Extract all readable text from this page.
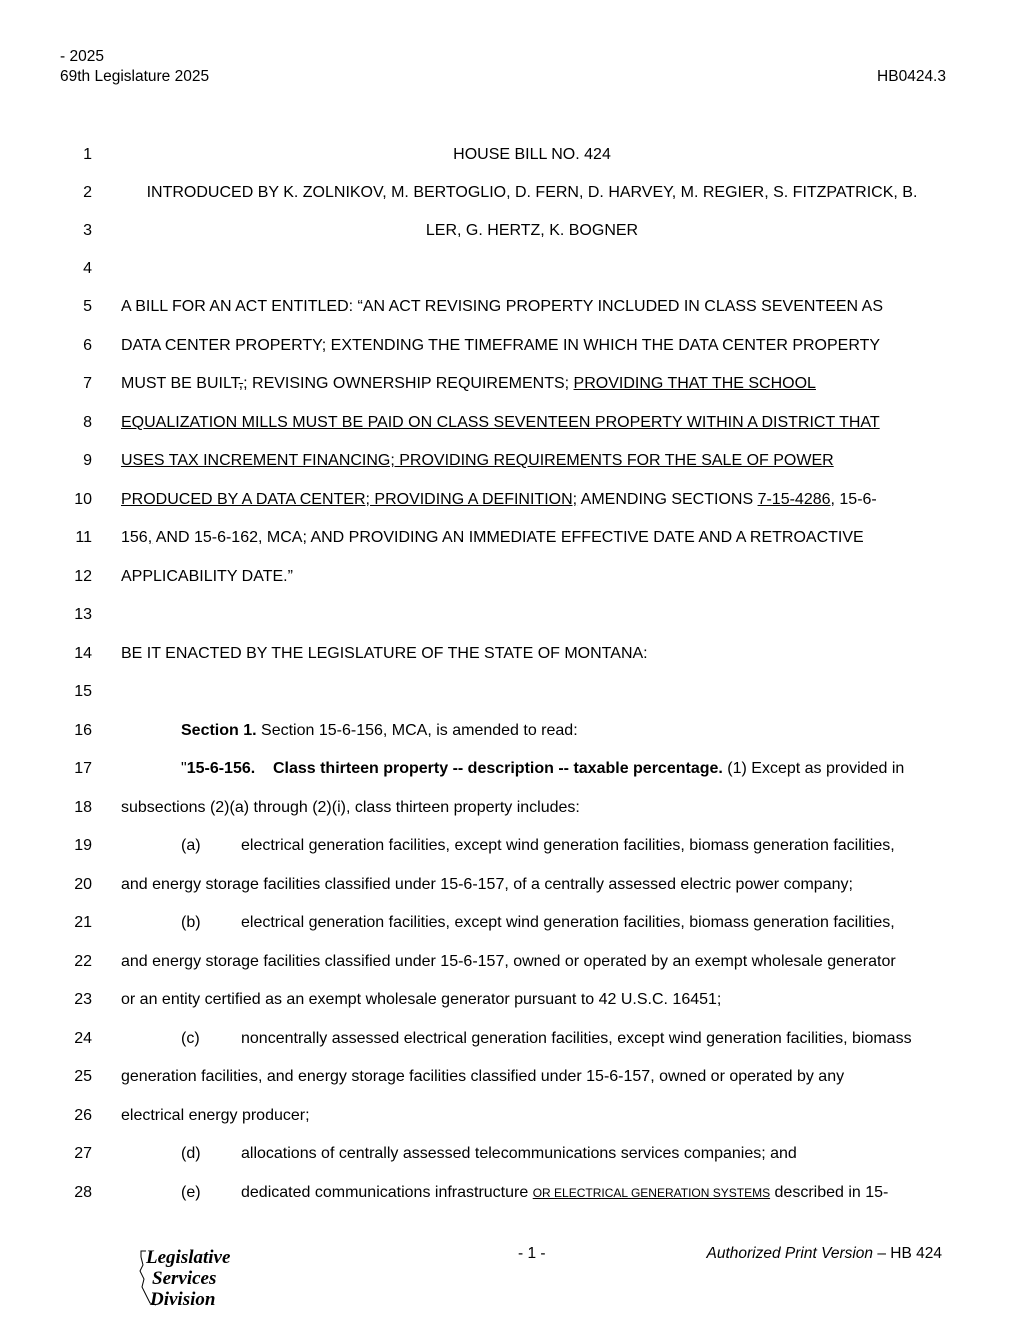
- 2025
69th Legislature 2025	HB0424.3
1	HOUSE BILL NO. 424
2	INTRODUCED BY K. ZOLNIKOV, M. BERTOGLIO, D. FERN, D. HARVEY, M. REGIER, S. FITZPATRICK, B.
3	LER, G. HERTZ, K. BOGNER
4
5 A BILL FOR AN ACT ENTITLED: “AN ACT REVISING PROPERTY INCLUDED IN CLASS SEVENTEEN AS
6 DATA CENTER PROPERTY; EXTENDING THE TIMEFRAME IN WHICH THE DATA CENTER PROPERTY
7 MUST BE BUILT,; REVISING OWNERSHIP REQUIREMENTS; PROVIDING THAT THE SCHOOL
8 EQUALIZATION MILLS MUST BE PAID ON CLASS SEVENTEEN PROPERTY WITHIN A DISTRICT THAT
9 USES TAX INCREMENT FINANCING; PROVIDING REQUIREMENTS FOR THE SALE OF POWER
10 PRODUCED BY A DATA CENTER; PROVIDING A DEFINITION; AMENDING SECTIONS 7-15-4286, 15-6-
11 156, AND 15-6-162, MCA; AND PROVIDING AN IMMEDIATE EFFECTIVE DATE AND A RETROACTIVE
12 APPLICABILITY DATE.”
13
14 BE IT ENACTED BY THE LEGISLATURE OF THE STATE OF MONTANA:
15
16	Section 1. Section 15-6-156, MCA, is amended to read:
17	"15-6-156.    Class thirteen property -- description -- taxable percentage. (1) Except as provided in
18 subsections (2)(a) through (2)(i), class thirteen property includes:
19	(a)	electrical generation facilities, except wind generation facilities, biomass generation facilities,
20 and energy storage facilities classified under 15-6-157, of a centrally assessed electric power company;
21	(b)	electrical generation facilities, except wind generation facilities, biomass generation facilities,
22 and energy storage facilities classified under 15-6-157, owned or operated by an exempt wholesale generator
23 or an entity certified as an exempt wholesale generator pursuant to 42 U.S.C. 16451;
24	(c)	noncentrally assessed electrical generation facilities, except wind generation facilities, biomass
25 generation facilities, and energy storage facilities classified under 15-6-157, owned or operated by any
26 electrical energy producer;
27	(d)	allocations of centrally assessed telecommunications services companies; and
28	(e)	dedicated communications infrastructure OR ELECTRICAL GENERATION SYSTEMS described in 15-
Legislative
Services
Division
- 1 -	Authorized Print Version – HB 424
